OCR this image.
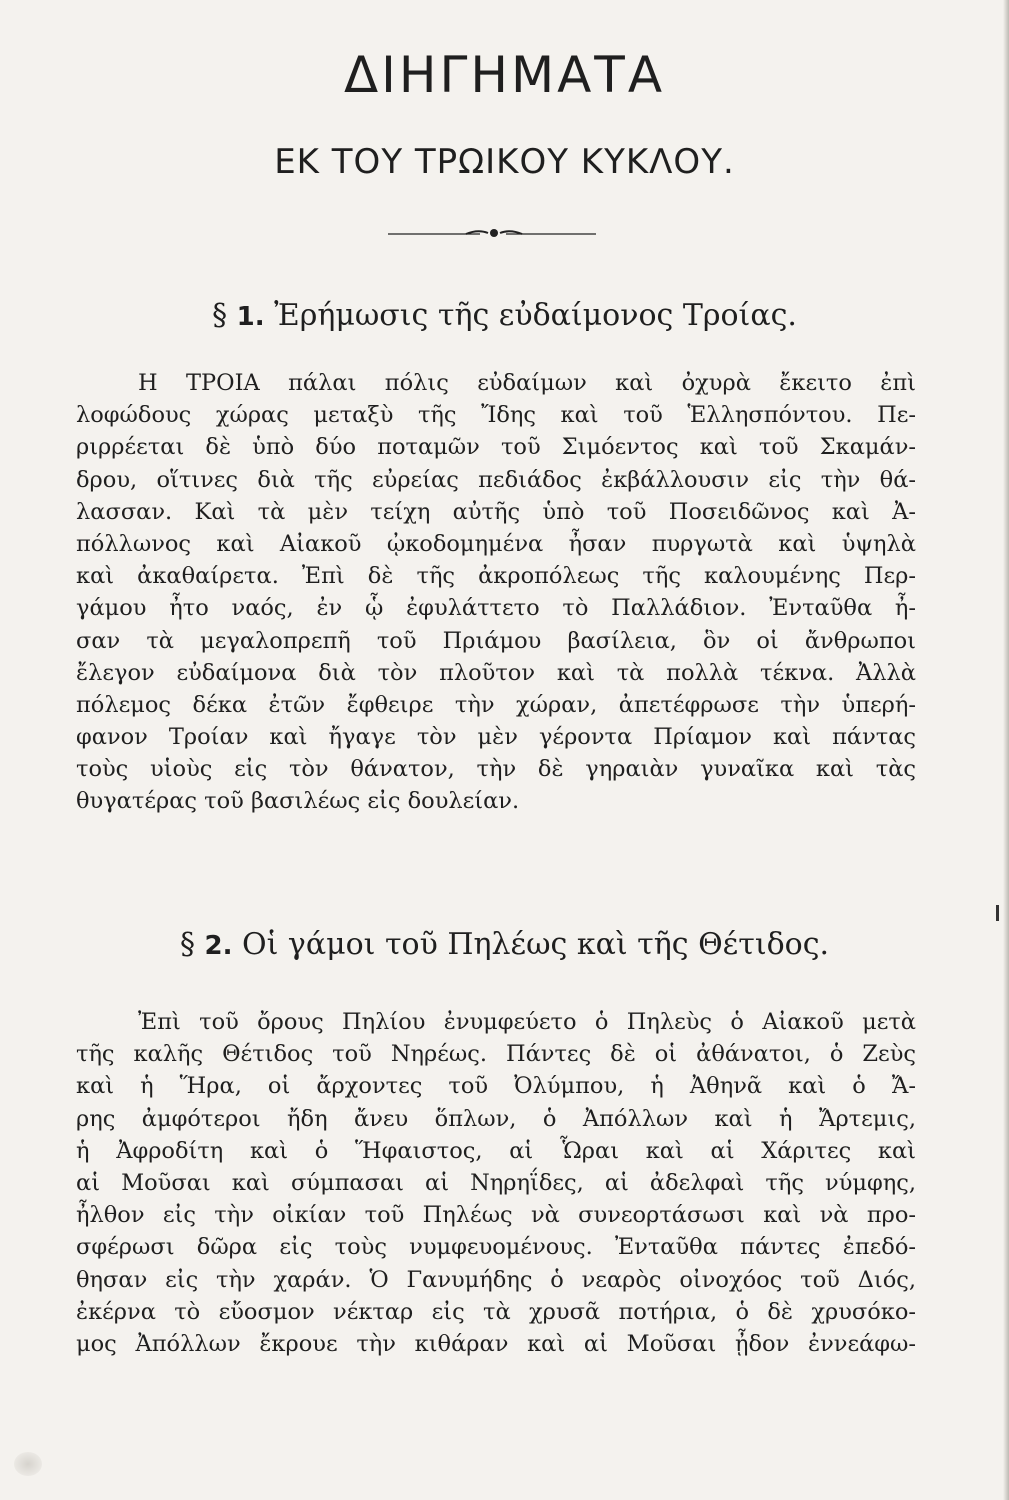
ΔΙΗΓΗΜΑΤΑ
ΕΚ ΤΟΥ ΤΡΩΙΚΟΥ ΚΥΚΛΟΥ.
§ 1. Ἐρήμωσις τῆς εὐδαίμονος Τροίας.
Η ΤΡΟΙΑ πάλαι πόλις εὐδαίμων καὶ ὀχυρὰ ἔκειτο ἐπὶ
λοφώδους χώρας μεταξὺ τῆς Ἴδης καὶ τοῦ Ἑλλησπόντου. Πε-
ριρρέεται δὲ ὑπὸ δύο ποταμῶν τοῦ Σιμόεντος καὶ τοῦ Σκαμάν-
δρου, οἵτινες διὰ τῆς εὐρείας πεδιάδος ἐκβάλλουσιν εἰς τὴν θά-
λασσαν. Καὶ τὰ μὲν τείχη αὐτῆς ὑπὸ τοῦ Ποσειδῶνος καὶ Ἀ-
πόλλωνος καὶ Αἰακοῦ ᾠκοδομημένα ἦσαν πυργωτὰ καὶ ὑψηλὰ
καὶ ἀκαθαίρετα. Ἐπὶ δὲ τῆς ἀκροπόλεως τῆς καλουμένης Περ-
γάμου ἦτο ναός, ἐν ᾧ ἐφυλάττετο τὸ Παλλάδιον. Ἐνταῦθα ἦ-
σαν τὰ μεγαλοπρεπῆ τοῦ Πριάμου βασίλεια, ὃν οἱ ἄνθρωποι
ἔλεγον εὐδαίμονα διὰ τὸν πλοῦτον καὶ τὰ πολλὰ τέκνα. Ἀλλὰ
πόλεμος δέκα ἐτῶν ἔφθειρε τὴν χώραν, ἀπετέφρωσε τὴν ὑπερή-
φανον Τροίαν καὶ ἤγαγε τὸν μὲν γέροντα Πρίαμον καὶ πάντας
τοὺς υἱοὺς εἰς τὸν θάνατον, τὴν δὲ γηραιὰν γυναῖκα καὶ τὰς
θυγατέρας τοῦ βασιλέως εἰς δουλείαν.
§ 2. Οἱ γάμοι τοῦ Πηλέως καὶ τῆς Θέτιδος.
Ἐπὶ τοῦ ὄρους Πηλίου ἐνυμφεύετο ὁ Πηλεὺς ὁ Αἰακοῦ μετὰ
τῆς καλῆς Θέτιδος τοῦ Νηρέως. Πάντες δὲ οἱ ἀθάνατοι, ὁ Ζεὺς
καὶ ἡ Ἥρα, οἱ ἄρχοντες τοῦ Ὀλύμπου, ἡ Ἀθηνᾶ καὶ ὁ Ἄ-
ρης ἀμφότεροι ἤδη ἄνευ ὅπλων, ὁ Ἀπόλλων καὶ ἡ Ἄρτεμις,
ἡ Ἀφροδίτη καὶ ὁ Ἥφαιστος, αἱ Ὧραι καὶ αἱ Χάριτες καὶ
αἱ Μοῦσαι καὶ σύμπασαι αἱ Νηρηΐδες, αἱ ἀδελφαὶ τῆς νύμφης,
ἦλθον εἰς τὴν οἰκίαν τοῦ Πηλέως νὰ συνεορτάσωσι καὶ νὰ προ-
σφέρωσι δῶρα εἰς τοὺς νυμφευομένους. Ἐνταῦθα πάντες ἐπεδό-
θησαν εἰς τὴν χαράν. Ὁ Γανυμήδης ὁ νεαρὸς οἰνοχόος τοῦ Διός,
ἐκέρνα τὸ εὔοσμον νέκταρ εἰς τὰ χρυσᾶ ποτήρια, ὁ δὲ χρυσόκο-
μος Ἀπόλλων ἔκρουε τὴν κιθάραν καὶ αἱ Μοῦσαι ᾖδον ἐννεάφω-
